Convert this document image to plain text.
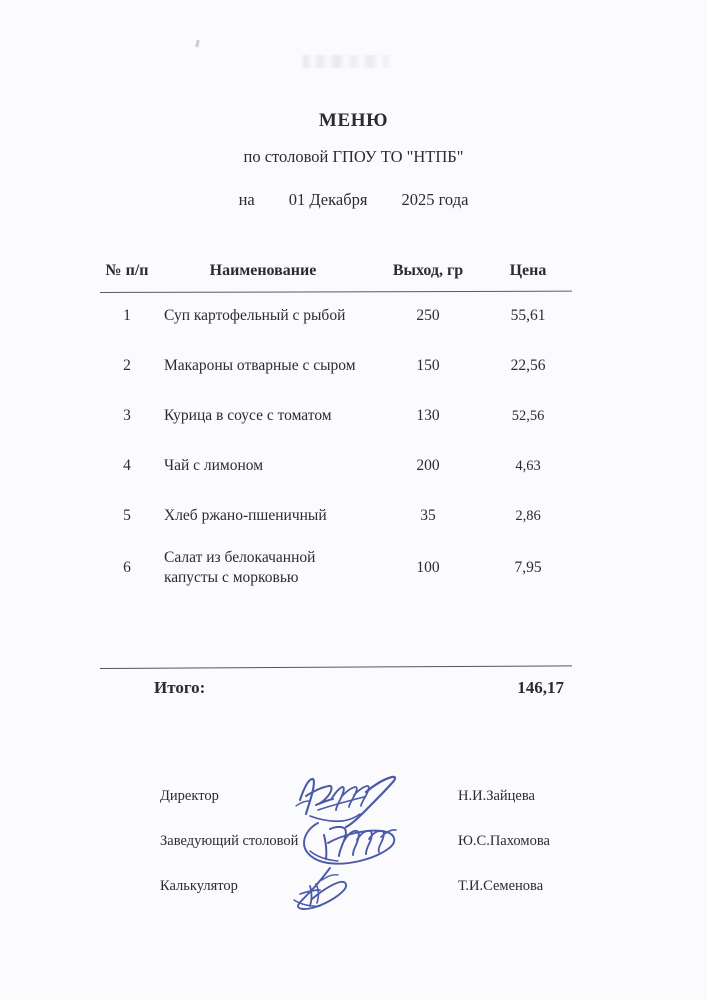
МЕНЮ
по столовой ГПОУ ТО "НТПБ"
на 01 Декабря 2025 года
№ п/п	Наименование	Выход, гр	Цена
1	Суп картофельный с рыбой	250	55,61
2	Макароны отварные с сыром	150	22,56
3	Курица в соусе с томатом	130	52,56
4	Чай с лимоном	200	4,63
5	Хлеб ржано-пшеничный	35	2,86
6	Салат из белокачанной капусты с морковью	100	7,95
Итого:	146,17
Директор	Н.И.Зайцева
Заведующий столовой	Ю.С.Пахомова
Калькулятор	Т.И.Семенова
